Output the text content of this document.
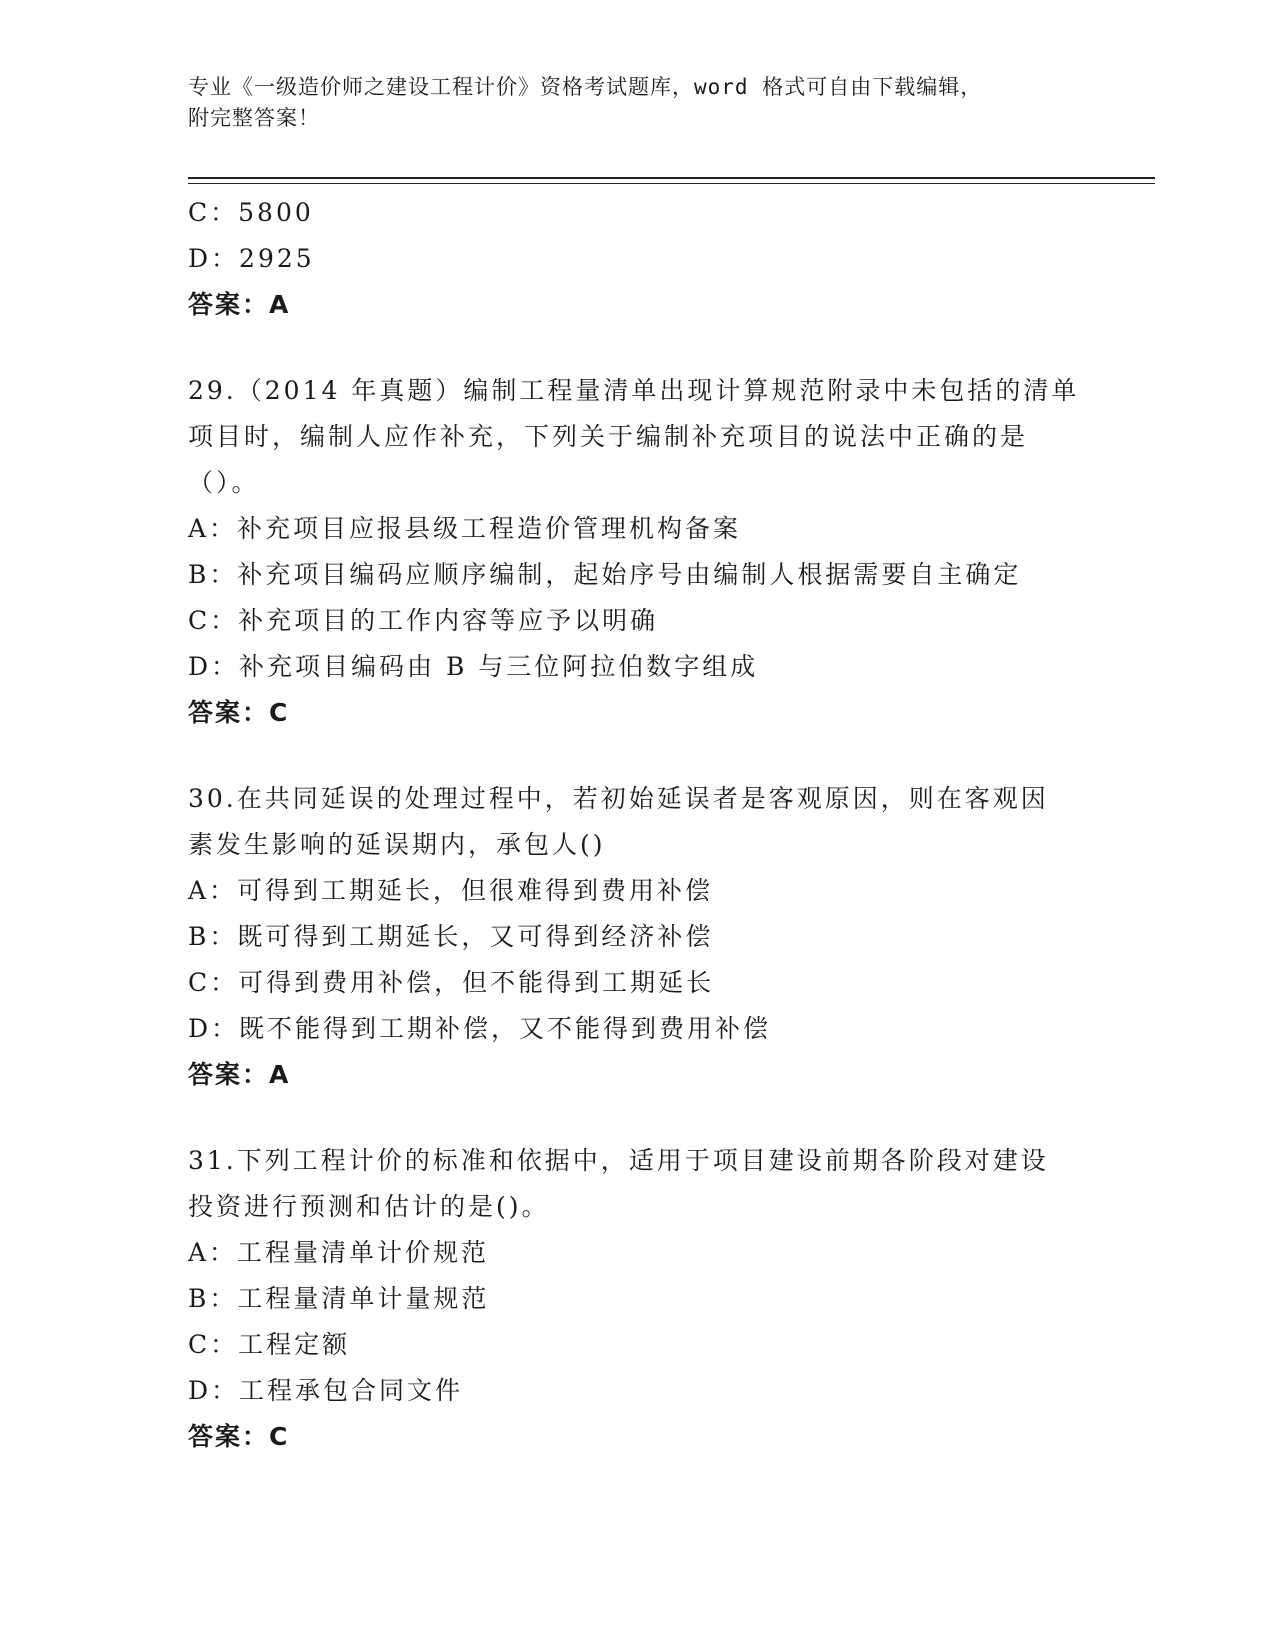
专业《一级造价师之建设工程计价》资格考试题库，word 格式可自由下载编辑，
附完整答案！
C：5800
D：2925
答案：A
29.（2014 年真题）编制工程量清单出现计算规范附录中未包括的清单
项目时，编制人应作补充，下列关于编制补充项目的说法中正确的是
（）。
A：补充项目应报县级工程造价管理机构备案
B：补充项目编码应顺序编制，起始序号由编制人根据需要自主确定
C：补充项目的工作内容等应予以明确
D：补充项目编码由 B 与三位阿拉伯数字组成
答案：C
30.在共同延误的处理过程中，若初始延误者是客观原因，则在客观因
素发生影响的延误期内，承包人()
A：可得到工期延长，但很难得到费用补偿
B：既可得到工期延长，又可得到经济补偿
C：可得到费用补偿，但不能得到工期延长
D：既不能得到工期补偿，又不能得到费用补偿
答案：A
31.下列工程计价的标准和依据中，适用于项目建设前期各阶段对建设
投资进行预测和估计的是()。
A：工程量清单计价规范
B：工程量清单计量规范
C：工程定额
D：工程承包合同文件
答案：C
